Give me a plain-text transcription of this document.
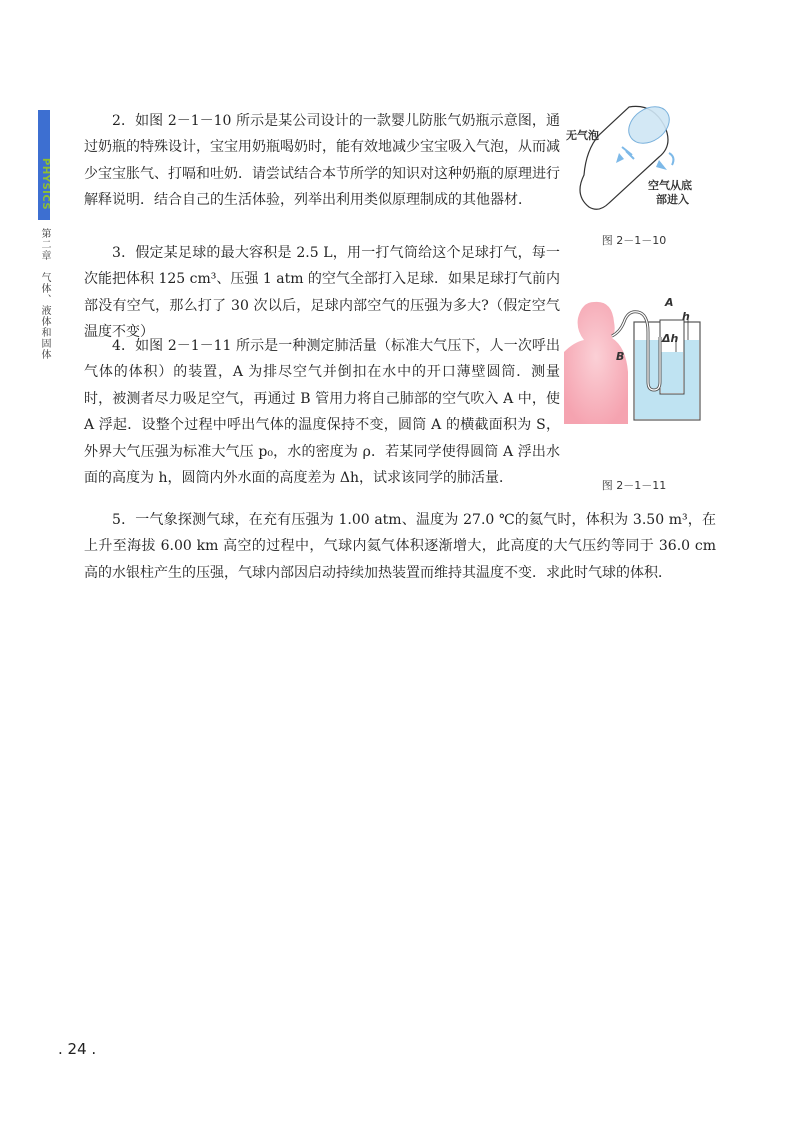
PHYSICS
第二章　气体、液体和固体

2．如图 2－1－10 所示是某公司设计的一款婴儿防胀气奶瓶示意图，通过奶瓶的特殊设计，宝宝用奶瓶喝奶时，能有效地减少宝宝吸入气泡，从而减少宝宝胀气、打嗝和吐奶．请尝试结合本节所学的知识对这种奶瓶的原理进行解释说明．结合自己的生活体验，列举出利用类似原理制成的其他器材．

3．假定某足球的最大容积是 2.5 L，用一打气筒给这个足球打气，每一次能把体积 125 cm³、压强 1 atm 的空气全部打入足球．如果足球打气前内部没有空气，那么打了 30 次以后，足球内部空气的压强为多大?（假定空气温度不变）

4．如图 2－1－11 所示是一种测定肺活量（标准大气压下，人一次呼出气体的体积）的装置，A 为排尽空气并倒扣在水中的开口薄壁圆筒．测量时，被测者尽力吸足空气，再通过 B 管用力将自己肺部的空气吹入 A 中，使 A 浮起．设整个过程中呼出气体的温度保持不变，圆筒 A 的横截面积为 S，外界大气压强为标准大气压 p₀，水的密度为 ρ．若某同学使得圆筒 A 浮出水面的高度为 h，圆筒内外水面的高度差为 Δh，试求该同学的肺活量．

5．一气象探测气球，在充有压强为 1.00 atm、温度为 27.0 ℃的氦气时，体积为 3.50 m³，在上升至海拔 6.00 km 高空的过程中，气球内氦气体积逐渐增大，此高度的大气压约等同于 36.0 cm 高的水银柱产生的压强，气球内部因启动持续加热装置而维持其温度不变．求此时气球的体积．

无气泡
空气从底
部进入
图 2－1－10
A
h
Δh
B
图 2－1－11
. 24 .
